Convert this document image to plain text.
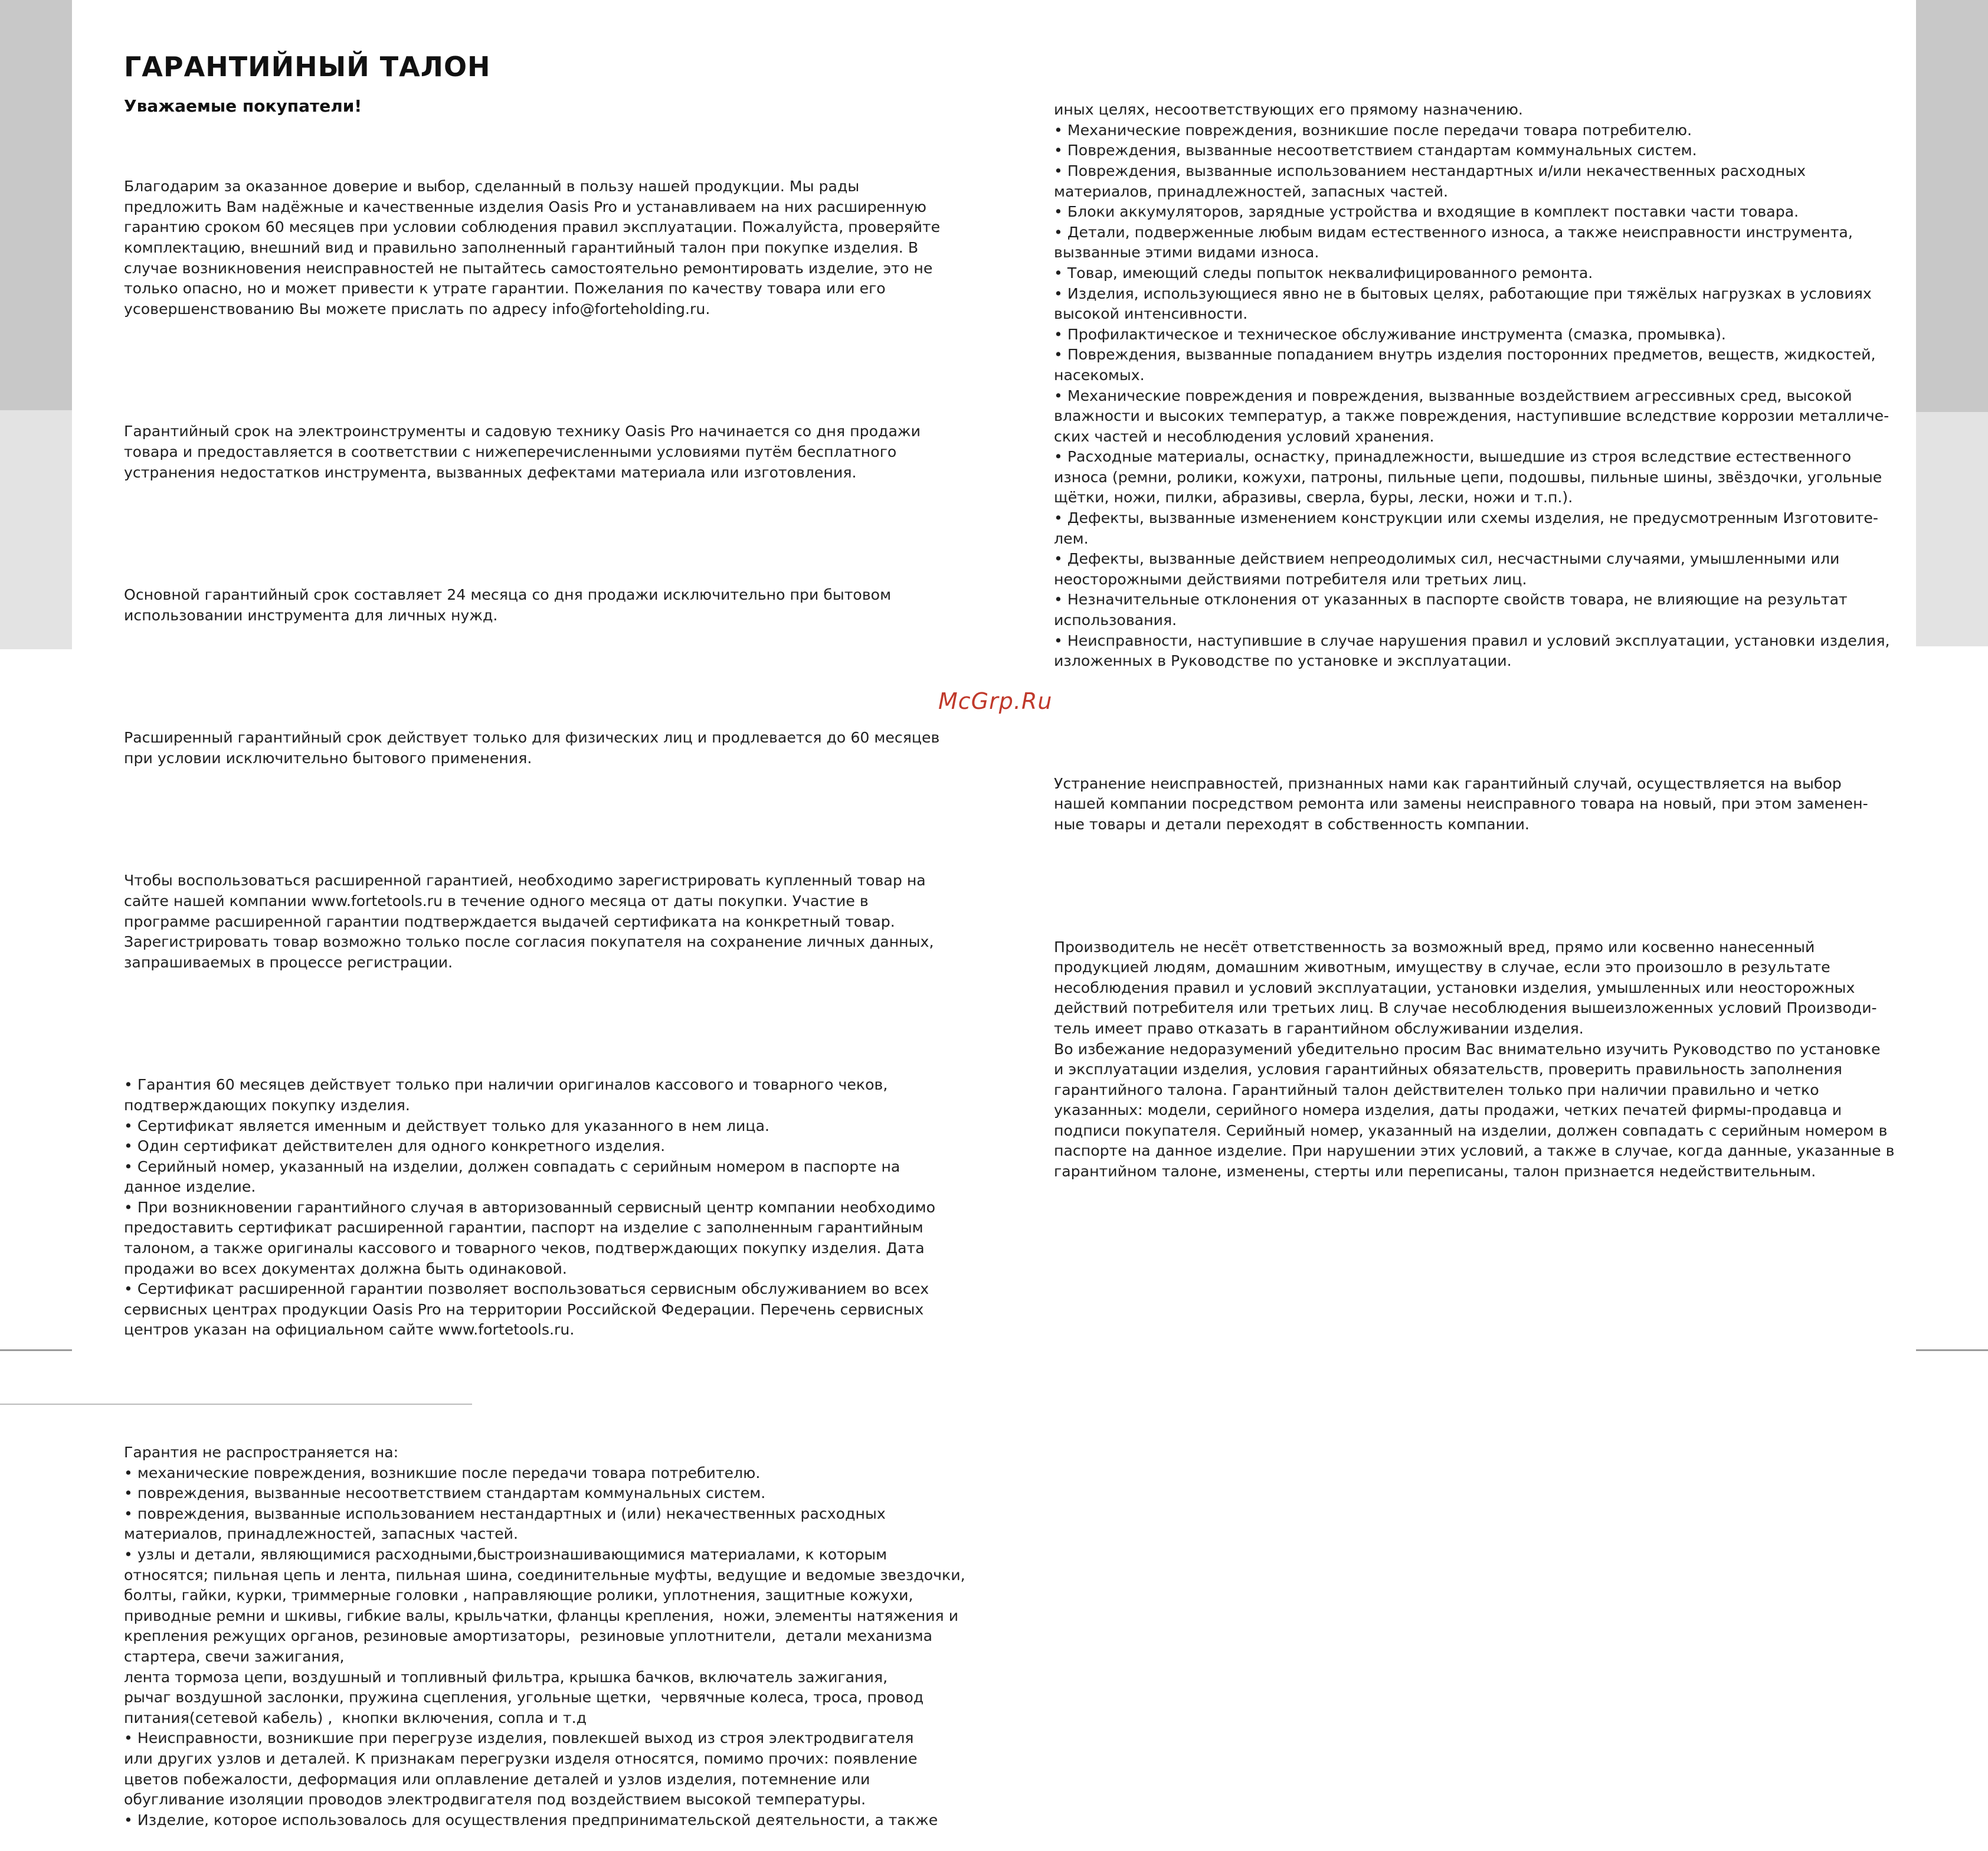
ГАРАНТИЙНЫЙ ТАЛОН
Уважаемые покупатели!

Благодарим за оказанное доверие и выбор, сделанный в пользу нашей продукции. Мы рады
предложить Вам надёжные и качественные изделия Oasis Pro и устанавливаем на них расширенную
гарантию сроком 60 месяцев при условии соблюдения правил эксплуатации. Пожалуйста, проверяйте
комплектацию, внешний вид и правильно заполненный гарантийный талон при покупке изделия. В
случае возникновения неисправностей не пытайтесь самостоятельно ремонтировать изделие, это не
только опасно, но и может привести к утрате гарантии. Пожелания по качеству товара или его
усовершенствованию Вы можете прислать по адресу info@forteholding.ru.

Гарантийный срок на электроинструменты и садовую технику Oasis Pro начинается со дня продажи
товара и предоставляется в соответствии с нижеперечисленными условиями путём бесплатного
устранения недостатков инструмента, вызванных дефектами материала или изготовления.

Основной гарантийный срок составляет 24 месяца со дня продажи исключительно при бытовом
использовании инструмента для личных нужд.

Расширенный гарантийный срок действует только для физических лиц и продлевается до 60 месяцев
при условии исключительно бытового применения.

Чтобы воспользоваться расширенной гарантией, необходимо зарегистрировать купленный товар на
сайте нашей компании www.fortetools.ru в течение одного месяца от даты покупки. Участие в
программе расширенной гарантии подтверждается выдачей сертификата на конкретный товар.
Зарегистрировать товар возможно только после согласия покупателя на сохранение личных данных,
запрашиваемых в процессе регистрации.

• Гарантия 60 месяцев действует только при наличии оригиналов кассового и товарного чеков,
подтверждающих покупку изделия.
• Сертификат является именным и действует только для указанного в нем лица.
• Один сертификат действителен для одного конкретного изделия.
• Серийный номер, указанный на изделии, должен совпадать с серийным номером в паспорте на
данное изделие.
• При возникновении гарантийного случая в авторизованный сервисный центр компании необходимо
предоставить сертификат расширенной гарантии, паспорт на изделие с заполненным гарантийным
талоном, а также оригиналы кассового и товарного чеков, подтверждающих покупку изделия. Дата
продажи во всех документах должна быть одинаковой.
• Сертификат расширенной гарантии позволяет воспользоваться сервисным обслуживанием во всех
сервисных центрах продукции Oasis Pro на территории Российской Федерации. Перечень сервисных
центров указан на официальном сайте www.fortetools.ru.

Гарантия не распространяется на:
• механические повреждения, возникшие после передачи товара потребителю.
• повреждения, вызванные несоответствием стандартам коммунальных систем.
• повреждения, вызванные использованием нестандартных и (или) некачественных расходных
материалов, принадлежностей, запасных частей.
• узлы и детали, являющимися расходными,быстроизнашивающимися материалами, к которым
относятся; пильная цепь и лента, пильная шина, соединительные муфты, ведущие и ведомые звездочки,
болты, гайки, курки, триммерные головки , направляющие ролики, уплотнения, защитные кожухи,
приводные ремни и шкивы, гибкие валы, крыльчатки, фланцы крепления,  ножи, элементы натяжения и
крепления режущих органов, резиновые амортизаторы,  резиновые уплотнители,  детали механизма
стартера, свечи зажигания,
лента тормоза цепи, воздушный и топливный фильтра, крышка бачков, включатель зажигания,
рычаг воздушной заслонки, пружина сцепления, угольные щетки,  червячные колеса, троса, провод
питания(сетевой кабель) ,  кнопки включения, сопла и т.д
• Неисправности, возникшие при перегрузе изделия, повлекшей выход из строя электродвигателя
или других узлов и деталей. К признакам перегрузки изделя относятся, помимо прочих: появление
цветов побежалости, деформация или оплавление деталей и узлов изделия, потемнение или
обугливание изоляции проводов электродвигателя под воздействием высокой температуры.
• Изделие, которое использовалось для осуществления предпринимательской деятельности, а также

иных целях, несоответствующих его прямому назначению.
• Механические повреждения, возникшие после передачи товара потребителю.
• Повреждения, вызванные несоответствием стандартам коммунальных систем.
• Повреждения, вызванные использованием нестандартных и/или некачественных расходных
материалов, принадлежностей, запасных частей.
• Блоки аккумуляторов, зарядные устройства и входящие в комплект поставки части товара.
• Детали, подверженные любым видам естественного износа, а также неисправности инструмента,
вызванные этими видами износа.
• Товар, имеющий следы попыток неквалифицированного ремонта.
• Изделия, использующиеся явно не в бытовых целях, работающие при тяжёлых нагрузках в условиях
высокой интенсивности.
• Профилактическое и техническое обслуживание инструмента (смазка, промывка).
• Повреждения, вызванные попаданием внутрь изделия посторонних предметов, веществ, жидкостей,
насекомых.
• Механические повреждения и повреждения, вызванные воздействием агрессивных сред, высокой
влажности и высоких температур, а также повреждения, наступившие вследствие коррозии металличе-
ских частей и несоблюдения условий хранения.
• Расходные материалы, оснастку, принадлежности, вышедшие из строя вследствие естественного
износа (ремни, ролики, кожухи, патроны, пильные цепи, подошвы, пильные шины, звёздочки, угольные
щётки, ножи, пилки, абразивы, сверла, буры, лески, ножи и т.п.).
• Дефекты, вызванные изменением конструкции или схемы изделия, не предусмотренным Изготовите-
лем.
• Дефекты, вызванные действием непреодолимых сил, несчастными случаями, умышленными или
неосторожными действиями потребителя или третьих лиц.
• Незначительные отклонения от указанных в паспорте свойств товара, не влияющие на результат
использования.
• Неисправности, наступившие в случае нарушения правил и условий эксплуатации, установки изделия,
изложенных в Руководстве по установке и эксплуатации.

Устранение неисправностей, признанных нами как гарантийный случай, осуществляется на выбор
нашей компании посредством ремонта или замены неисправного товара на новый, при этом заменен-
ные товары и детали переходят в собственность компании.

Производитель не несёт ответственность за возможный вред, прямо или косвенно нанесенный
продукцией людям, домашним животным, имуществу в случае, если это произошло в результате
несоблюдения правил и условий эксплуатации, установки изделия, умышленных или неосторожных
действий потребителя или третьих лиц. В случае несоблюдения вышеизложенных условий Производи-
тель имеет право отказать в гарантийном обслуживании изделия.
Во избежание недоразумений убедительно просим Вас внимательно изучить Руководство по установке
и эксплуатации изделия, условия гарантийных обязательств, проверить правильность заполнения
гарантийного талона. Гарантийный талон действителен только при наличии правильно и четко
указанных: модели, серийного номера изделия, даты продажи, четких печатей фирмы-продавца и
подписи покупателя. Серийный номер, указанный на изделии, должен совпадать с серийным номером в
паспорте на данное изделие. При нарушении этих условий, а также в случае, когда данные, указанные в
гарантийном талоне, изменены, стерты или переписаны, талон признается недействительным.

McGrp.Ru
